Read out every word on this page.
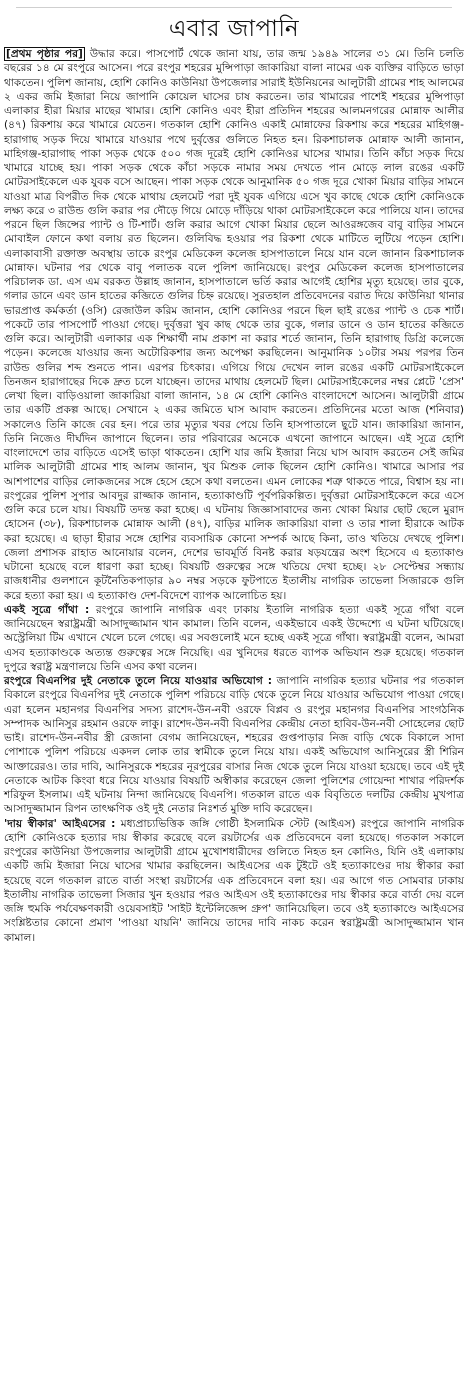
এবার জাপানি

[প্রথম পৃষ্ঠার পর] উদ্ধার করে। পাসপোর্ট থেকে জানা যায়, তার জন্ম ১৯৪৯ সালের ৩১ মে। তিনি চলতি বছরের ১৪ মে রংপুরে আসেন। পরে রংপুর শহরের মুন্সিপাড়া জাকারিয়া বালা নামের এক ব্যক্তির বাড়িতে ভাড়া থাকতেন। পুলিশ জানায়, হোশি কোনিও কাউনিয়া উপজেলার সারাই ইউনিয়নের আলুটারী গ্রামের শাহ আলমের ২ একর জমি ইজারা নিয়ে জাপানি কোয়েল ঘাসের চাষ করতেন। তার খামারের পাশেই শহরের মুন্সিপাড়া এলাকার হীরা মিয়ার মাছের খামার। হোশি কোনিও এবং হীরা প্রতিদিন শহরের আলমনগরের মোন্নাফ আলীর (৪৭) রিকশায় করে খামারে যেতেন। গতকাল হোশি কোনিও একাই মোন্নাফের রিকশায় করে শহরের মাহিগঞ্জ-হারাগাছ সড়ক দিয়ে খামারে যাওয়ার পথে দুর্বৃত্তের গুলিতে নিহত হন। রিকশাচালক মোন্নাফ আলী জানান, মাহিগঞ্জ-হারাগাছ পাকা সড়ক থেকে ৫০০ গজ দূরেই হোশি কোনিওর ঘাসের খামার। তিনি কাঁচা সড়ক দিয়ে খামারে যাচ্ছে হয়। পাকা সড়ক থেকে কাঁচা সড়কে নামার সময় দেখতে পান মোড়ে লাল রঙের একটি মোটরসাইকেলে এক যুবক বসে আছেন। পাকা সড়ক থেকে আনুমানিক ৫০ গজ দূরে খোকা মিয়ার বাড়ির সামনে যাওয়া মাত্র বিপরীত দিক থেকে মাথায় হেলমেট পরা দুই যুবক এগিয়ে এসে খুব কাছে থেকে হোশি কোনিওকে লক্ষ্য করে ৩ রাউন্ড গুলি করার পর দৌড়ে গিয়ে মোড়ে দাঁড়িয়ে থাকা মোটরসাইকেলে করে পালিয়ে যান। তাদের পরনে ছিল জিন্সের প্যান্ট ও টি-শার্ট। গুলি করার আগে খোকা মিয়ার ছেলে আওরঙ্গজেব বাবু বাড়ির সামনে মোবাইল ফোনে কথা বলায় রত ছিলেন। গুলিবিদ্ধ হওয়ার পর রিকশা থেকে মাটিতে লুটিয়ে পড়েন হোশি। এলাকাবাসী রক্তাক্ত অবস্থায় তাকে রংপুর মেডিকেল কলেজ হাসপাতালে নিয়ে যান বলে জানান রিকশাচালক মোন্নাফ। ঘটনার পর থেকে বাবু পলাতক বলে পুলিশ জানিয়েছে। রংপুর মেডিকেল কলেজ হাসপাতালের পরিচালক ডা. এস এম বরকত উল্লাহ জানান, হাসপাতালে ভর্তি করার আগেই হোশির মৃত্যু হয়েছে। তার বুকে, গলার ডানে এবং ডান হাতের কব্জিতে গুলির চিহ্ন রয়েছে। সুরতহাল প্রতিবেদনের বরাত দিয়ে কাউনিয়া থানার ভারপ্রাপ্ত কর্মকর্তা (ওসি) রেজাউল করিম জানান, হোশি কোনিওর পরনে ছিল ছাই রঙের প্যান্ট ও চেক শার্ট। পকেটে তার পাসপোর্ট পাওয়া গেছে। দুর্বৃত্তরা খুব কাছ থেকে তার বুকে, গলার ডানে ও ডান হাতের কব্জিতে গুলি করে। আলুটারী এলাকার এক শিক্ষার্থী নাম প্রকাশ না করার শর্তে জানান, তিনি হারাগাছ ডিগ্রি কলেজে পড়েন। কলেজে যাওয়ার জন্য অটোরিকশার জন্য অপেক্ষা করছিলেন। আনুমানিক ১০টার সময় পরপর তিন রাউন্ড গুলির শব্দ শুনতে পান। এরপর চিৎকার। এগিয়ে গিয়ে দেখেন লাল রঙের একটি মোটরসাইকেলে তিনজন হারাগাছের দিকে দ্রুত চলে যাচ্ছেন। তাদের মাথায় হেলমেট ছিল। মোটরসাইকেলের নম্বর প্লেটে 'প্রেস' লেখা ছিল। বাড়িওয়ালা জাকারিয়া বালা জানান, ১৪ মে হোশি কোনিও বাংলাদেশে আসেন। আলুটারী গ্রামে তার একটি প্রকল্প আছে। সেখানে ২ একর জমিতে ঘাস আবাদ করতেন। প্রতিদিনের মতো আজ (শনিবার) সকালেও তিনি কাজে বের হন। পরে তার মৃত্যুর খবর পেয়ে তিনি হাসপাতালে ছুটে যান। জাকারিয়া জানান, তিনি নিজেও দীর্ঘদিন জাপানে ছিলেন। তার পরিবারের অনেকে এখনো জাপানে আছেন। এই সূত্রে হোশি বাংলাদেশে তার বাড়িতে এসেই ভাড়া থাকতেন। হোশি যার জমি ইজারা নিয়ে ঘাস আবাদ করতেন সেই জমির মালিক আলুটারী গ্রামের শাহ আলম জানান, খুব মিশুক লোক ছিলেন হোশি কোনিও। খামারে আসার পর আশপাশের বাড়ির লোকজনের সঙ্গে হেসে হেসে কথা বলতেন। এমন লোকের শত্রু থাকতে পারে, বিশ্বাস হয় না। রংপুরের পুলিশ সুপার আবদুর রাজ্জাক জানান, হত্যাকাণ্ডটি পূর্বপরিকল্পিত। দুর্বৃত্তরা মোটরসাইকেলে করে এসে গুলি করে চলে যায়। বিষয়টি তদন্ত করা হচ্ছে। এ ঘটনায় জিজ্ঞাসাবাদের জন্য খোকা মিয়ার ছোট ছেলে মুরাদ হোসেন (৩৮), রিকশাচালক মোন্নাফ আলী (৪৭), বাড়ির মালিক জাকারিয়া বালা ও তার শালা হীরাকে আটক করা হয়েছে। এ ছাড়া হীরার সঙ্গে হোশির ব্যবসায়িক কোনো সম্পর্ক আছে কিনা, তাও খতিয়ে দেখছে পুলিশ। জেলা প্রশাসক রাহাত আনোয়ার বলেন, দেশের ভাবমূর্তি বিনষ্ট করার ষড়যন্ত্রের অংশ হিসেবে এ হত্যাকাণ্ড ঘটানো হয়েছে বলে ধারণা করা হচ্ছে। বিষয়টি গুরুত্বের সঙ্গে খতিয়ে দেখা হচ্ছে। ২৮ সেপ্টেম্বর সন্ধ্যায় রাজধানীর গুলশানে কূটনৈতিকপাড়ার ৯০ নম্বর সড়কে ফুটপাতে ইতালীয় নাগরিক তাভেলা সিজারকে গুলি করে হত্যা করা হয়। এ হত্যাকাণ্ড দেশ-বিদেশে ব্যাপক আলোচিত হয়।

একই সূত্রে গাঁথা : রংপুরে জাপানি নাগরিক এবং ঢাকায় ইতালি নাগরিক হত্যা একই সূত্রে গাঁথা বলে জানিয়েছেন স্বরাষ্ট্রমন্ত্রী আসাদুজ্জামান খান কামাল। তিনি বলেন, একইভাবে একই উদ্দেশ্যে এ ঘটনা ঘটিয়েছে। অস্ট্রেলিয়া টিম এখানে খেলে চলে গেছে। এর সবগুলোই মনে হচ্ছে একই সূত্রে গাঁথা। স্বরাষ্ট্রমন্ত্রী বলেন, আমরা এসব হত্যাকাণ্ডকে অত্যন্ত গুরুত্বের সঙ্গে নিয়েছি। এর খুনিদের ধরতে ব্যাপক অভিযান শুরু হয়েছে। গতকাল দুপুরে স্বরাষ্ট্র মন্ত্রণালয়ে তিনি এসব কথা বলেন।

রংপুরে বিএনপির দুই নেতাকে তুলে নিয়ে যাওয়ার অভিযোগ : জাপানি নাগরিক হত্যার ঘটনার পর গতকাল বিকালে রংপুরে বিএনপির দুই নেতাকে পুলিশ পরিচয়ে বাড়ি থেকে তুলে নিয়ে যাওয়ার অভিযোগ পাওয়া গেছে। এরা হলেন মহানগর বিএনপির সদস্য রাশেদ-উন-নবী ওরফে বিপ্লব ও রংপুর মহানগর বিএনপির সাংগঠনিক সম্পাদক আনিসুর রহমান ওরফে লাকু। রাশেদ-উন-নবী বিএনপির কেন্দ্রীয় নেতা হাবিব-উন-নবী সোহেলের ছোট ভাই। রাশেদ-উন-নবীর স্ত্রী রেজানা বেগম জানিয়েছেন, শহরের গুপ্তপাড়ার নিজ বাড়ি থেকে বিকালে সাদা পোশাকে পুলিশ পরিচয়ে একদল লোক তার স্বামীকে তুলে নিয়ে যায়। একই অভিযোগ আনিসুরের স্ত্রী শিরিন আক্তারেরও। তার দাবি, আনিসুরকে শহরের নূরপুরের বাসার নিজ থেকে তুলে নিয়ে যাওয়া হয়েছে। তবে এই দুই নেতাকে আটক কিংবা ধরে নিয়ে যাওয়ার বিষয়টি অস্বীকার করেছেন জেলা পুলিশের গোয়েন্দা শাখার পরিদর্শক শরিফুল ইসলাম। এই ঘটনায় নিন্দা জানিয়েছে বিএনপি। গতকাল রাতে এক বিবৃতিতে দলটির কেন্দ্রীয় মুখপাত্র আসাদুজ্জামান রিপন তাৎক্ষণিক ওই দুই নেতার নিঃশর্ত মুক্তি দাবি করেছেন।

'দায় স্বীকার' আইএসের : মধ্যপ্রাচ্যভিত্তিক জঙ্গি গোষ্ঠী ইসলামিক স্টেট (আইএস) রংপুরে জাপানি নাগরিক হোশি কোনিওকে হত্যার দায় স্বীকার করেছে বলে রয়টার্সের এক প্রতিবেদনে বলা হয়েছে। গতকাল সকালে রংপুরের কাউনিয়া উপজেলার আলুটারী গ্রামে মুখোশধারীদের গুলিতে নিহত হন কোনিও, যিনি ওই এলাকায় একটি জমি ইজারা নিয়ে ঘাসের খামার করছিলেন। আইএসের এক টুইটে ওই হত্যাকাণ্ডের দায় স্বীকার করা হয়েছে বলে গতকাল রাতে বার্তা সংস্থা রয়টার্সের এক প্রতিবেদনে বলা হয়। এর আগে গত সোমবার ঢাকায় ইতালীয় নাগরিক তাভেলা সিজার খুন হওয়ার পরও আইএস ওই হত্যাকাণ্ডের দায় স্বীকার করে বার্তা দেয় বলে জঙ্গি হুমকি পর্যবেক্ষণকারী ওয়েবসাইট 'সাইট ইন্টেলিজেন্স গ্রুপ' জানিয়েছিল। তবে ওই হত্যাকাণ্ডে আইএসের সংশ্লিষ্টতার কোনো প্রমাণ 'পাওয়া যায়নি' জানিয়ে তাদের দাবি নাকচ করেন স্বরাষ্ট্রমন্ত্রী আসাদুজ্জামান খান কামাল।
